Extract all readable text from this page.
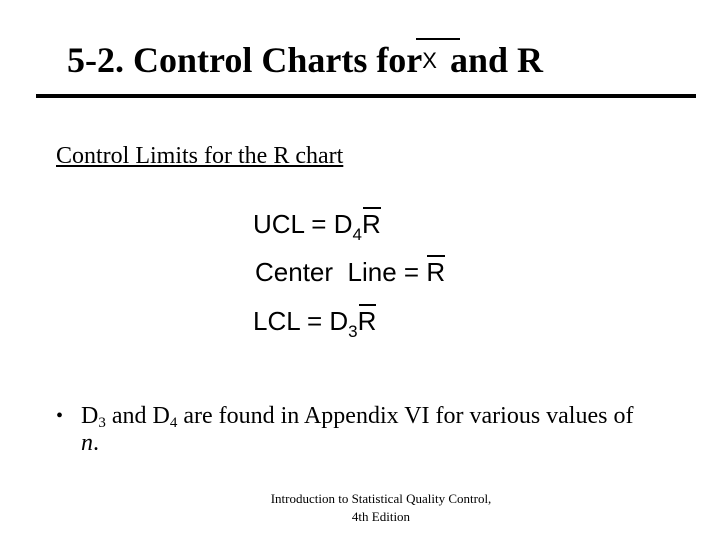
5-2. Control Charts for
X and R
Control Limits for the R chart
UCL = $D_4R$
Center Line = R
LCL = $D_3R$
• $D_3$ and $D_4$ are found in Appendix VI for various values of n.
Introduction to Statistical Quality Control,
4th Edition
